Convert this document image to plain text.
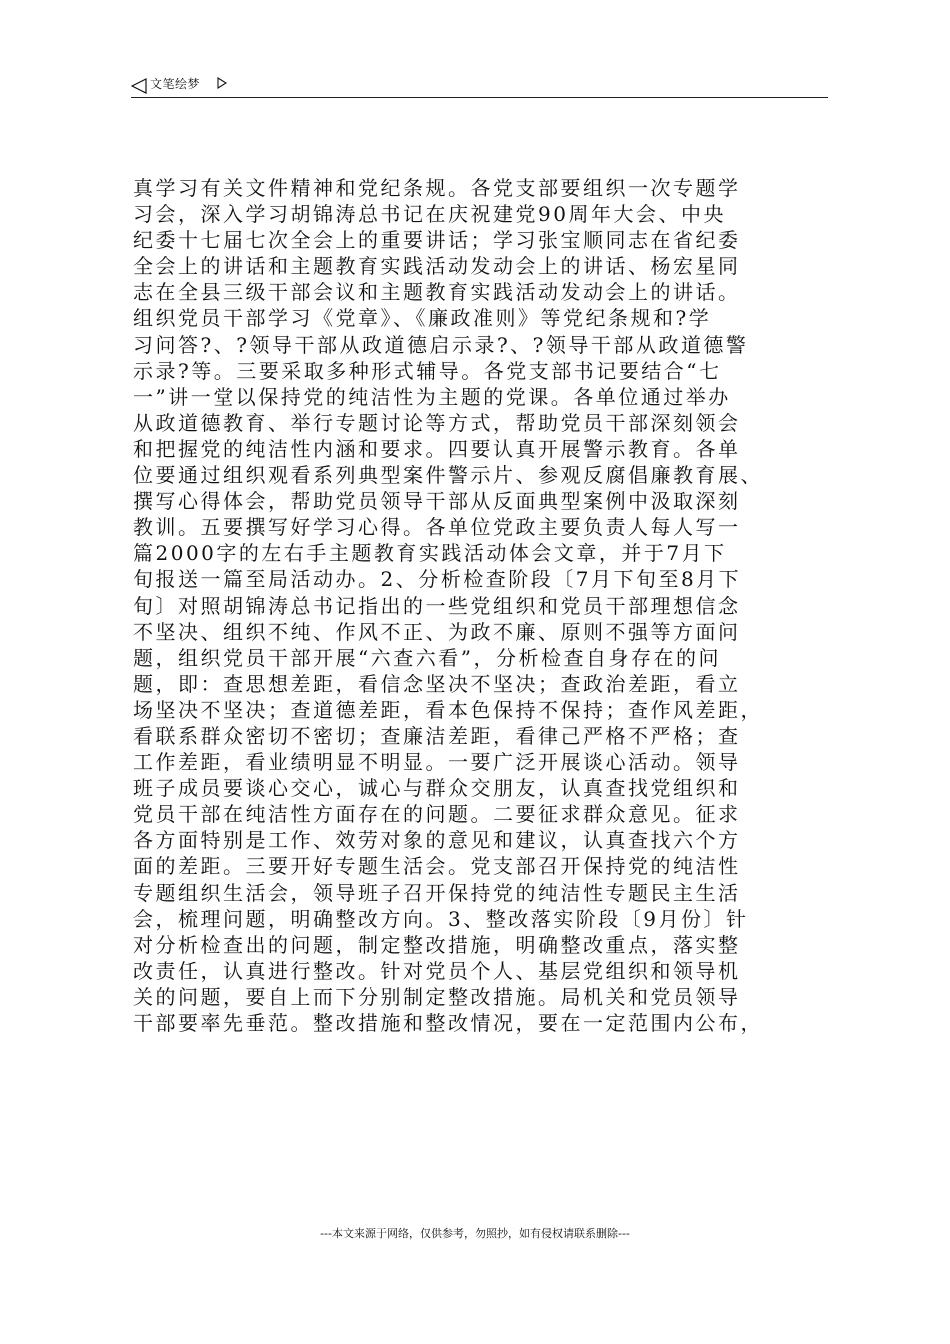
文笔绘梦
真学习有关文件精神和党纪条规。各党支部要组织一次专题学
习会，深入学习胡锦涛总书记在庆祝建党90周年大会、中央
纪委十七届七次全会上的重要讲话；学习张宝顺同志在省纪委
全会上的讲话和主题教育实践活动发动会上的讲话、杨宏星同
志在全县三级干部会议和主题教育实践活动发动会上的讲话。
组织党员干部学习《党章》、《廉政准则》等党纪条规和?学
习问答?、?领导干部从政道德启示录?、?领导干部从政道德警
示录?等。三要采取多种形式辅导。各党支部书记要结合“七
一”讲一堂以保持党的纯洁性为主题的党课。各单位通过举办
从政道德教育、举行专题讨论等方式，帮助党员干部深刻领会
和把握党的纯洁性内涵和要求。四要认真开展警示教育。各单
位要通过组织观看系列典型案件警示片、参观反腐倡廉教育展、
撰写心得体会，帮助党员领导干部从反面典型案例中汲取深刻
教训。五要撰写好学习心得。各单位党政主要负责人每人写一
篇2000字的左右手主题教育实践活动体会文章，并于7月下
旬报送一篇至局活动办。2、分析检查阶段〔7月下旬至8月下
旬〕对照胡锦涛总书记指出的一些党组织和党员干部理想信念
不坚决、组织不纯、作风不正、为政不廉、原则不强等方面问
题，组织党员干部开展“六查六看”，分析检查自身存在的问
题，即：查思想差距，看信念坚决不坚决；查政治差距，看立
场坚决不坚决；查道德差距，看本色保持不保持；查作风差距，
看联系群众密切不密切；查廉洁差距，看律己严格不严格；查
工作差距，看业绩明显不明显。一要广泛开展谈心活动。领导
班子成员要谈心交心，诚心与群众交朋友，认真查找党组织和
党员干部在纯洁性方面存在的问题。二要征求群众意见。征求
各方面特别是工作、效劳对象的意见和建议，认真查找六个方
面的差距。三要开好专题生活会。党支部召开保持党的纯洁性
专题组织生活会，领导班子召开保持党的纯洁性专题民主生活
会，梳理问题，明确整改方向。3、整改落实阶段〔9月份〕针
对分析检查出的问题，制定整改措施，明确整改重点，落实整
改责任，认真进行整改。针对党员个人、基层党组织和领导机
关的问题，要自上而下分别制定整改措施。局机关和党员领导
干部要率先垂范。整改措施和整改情况，要在一定范围内公布，
---本文来源于网络，仅供参考，勿照抄，如有侵权请联系删除---
